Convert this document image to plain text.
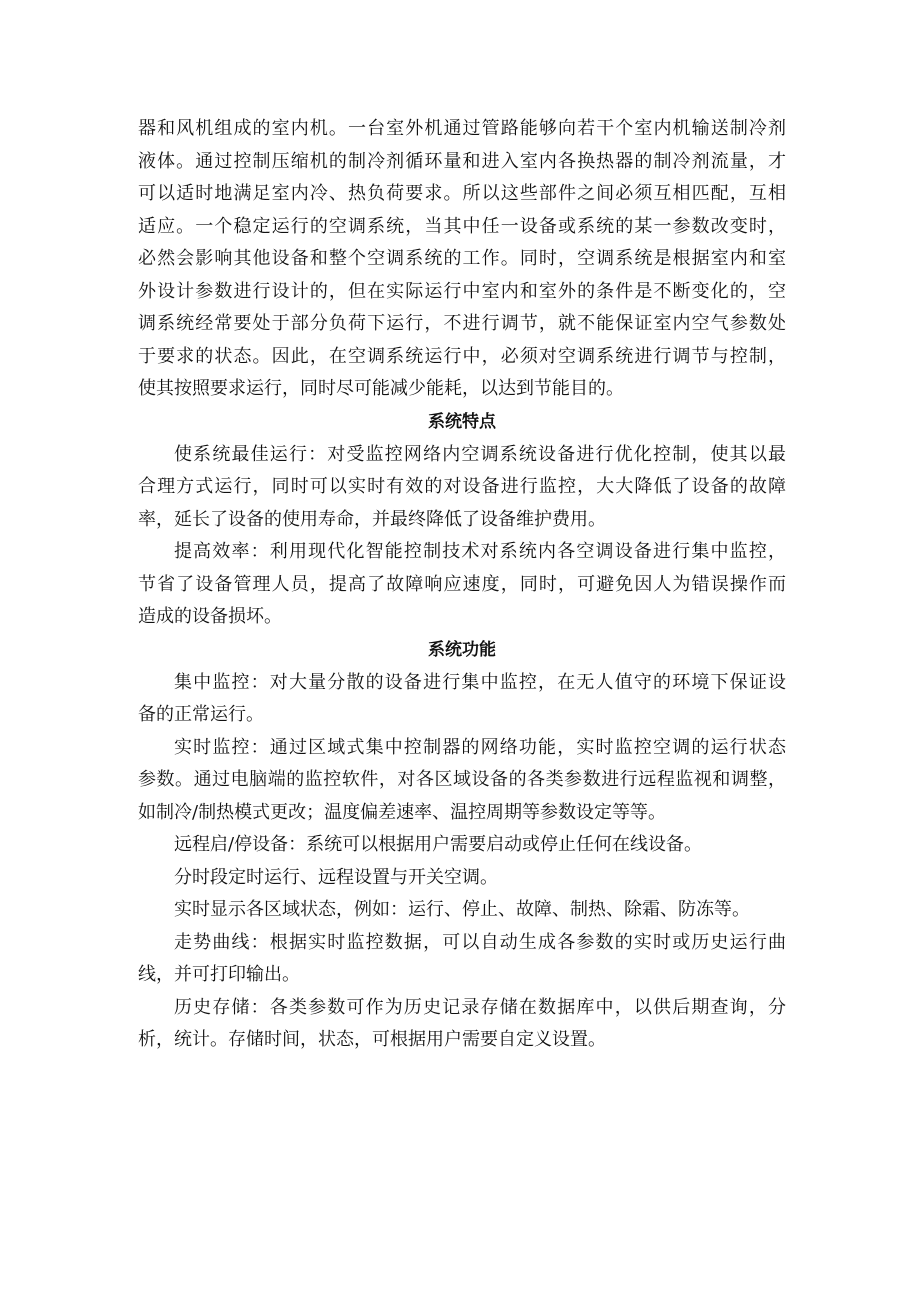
器和风机组成的室内机。一台室外机通过管路能够向若干个室内机输送制冷剂

液体。通过控制压缩机的制冷剂循环量和进入室内各换热器的制冷剂流量，才

可以适时地满足室内冷、热负荷要求。所以这些部件之间必须互相匹配，互相

适应。一个稳定运行的空调系统，当其中任一设备或系统的某一参数改变时，

必然会影响其他设备和整个空调系统的工作。同时，空调系统是根据室内和室

外设计参数进行设计的，但在实际运行中室内和室外的条件是不断变化的，空

调系统经常要处于部分负荷下运行，不进行调节，就不能保证室内空气参数处

于要求的状态。因此，在空调系统运行中，必须对空调系统进行调节与控制，

使其按照要求运行，同时尽可能减少能耗，以达到节能目的。

系统特点

使系统最佳运行：对受监控网络内空调系统设备进行优化控制，使其以最

合理方式运行，同时可以实时有效的对设备进行监控，大大降低了设备的故障

率，延长了设备的使用寿命，并最终降低了设备维护费用。

提高效率：利用现代化智能控制技术对系统内各空调设备进行集中监控，

节省了设备管理人员，提高了故障响应速度，同时，可避免因人为错误操作而

造成的设备损坏。

系统功能

集中监控：对大量分散的设备进行集中监控，在无人值守的环境下保证设

备的正常运行。

实时监控：通过区域式集中控制器的网络功能，实时监控空调的运行状态

参数。通过电脑端的监控软件，对各区域设备的各类参数进行远程监视和调整，

如制冷/制热模式更改；温度偏差速率、温控周期等参数设定等等。

远程启/停设备：系统可以根据用户需要启动或停止任何在线设备。

分时段定时运行、远程设置与开关空调。

实时显示各区域状态，例如：运行、停止、故障、制热、除霜、防冻等。

走势曲线：根据实时监控数据，可以自动生成各参数的实时或历史运行曲

线，并可打印输出。

历史存储：各类参数可作为历史记录存储在数据库中，以供后期查询，分

析，统计。存储时间，状态，可根据用户需要自定义设置。
